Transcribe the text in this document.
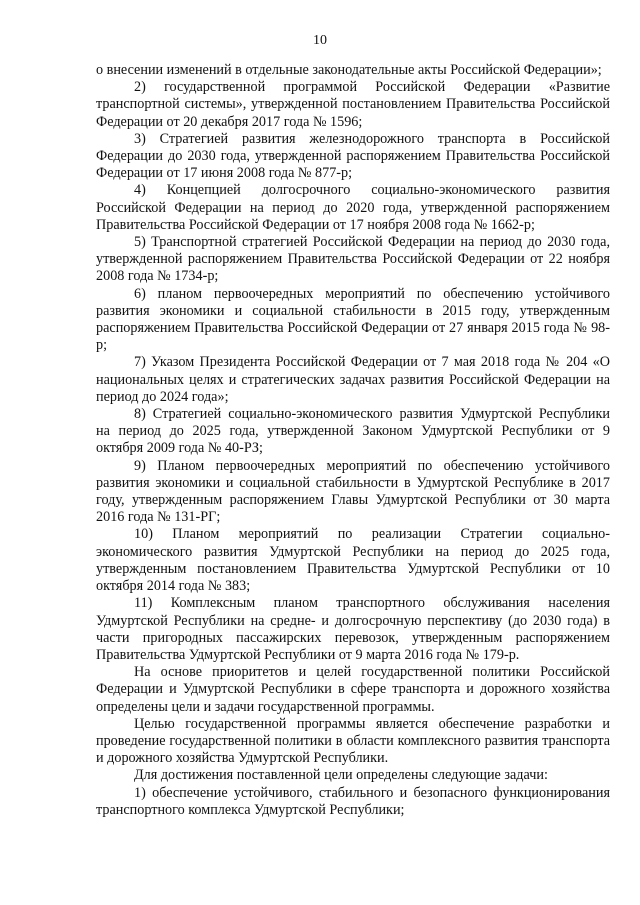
10

о внесении изменений в отдельные законодательные акты Российской Федерации»;

2) государственной программой Российской Федерации «Развитие транспортной системы», утвержденной постановлением Правительства Российской Федерации от 20 декабря 2017 года № 1596;

3) Стратегией развития железнодорожного транспорта в Российской Федерации до 2030 года, утвержденной распоряжением Правительства Российской Федерации от 17 июня 2008 года № 877-р;

4) Концепцией долгосрочного социально-экономического развития Российской Федерации на период до 2020 года, утвержденной распоряжением Правительства Российской Федерации от 17 ноября 2008 года № 1662-р;

5) Транспортной стратегией Российской Федерации на период до 2030 года, утвержденной распоряжением Правительства Российской Федерации от 22 ноября 2008 года № 1734-р;

6) планом первоочередных мероприятий по обеспечению устойчивого развития экономики и социальной стабильности в 2015 году, утвержденным распоряжением Правительства Российской Федерации от 27 января 2015 года № 98-р;

7) Указом Президента Российской Федерации от 7 мая 2018 года № 204 «О национальных целях и стратегических задачах развития Российской Федерации на период до 2024 года»;

8) Стратегией социально-экономического развития Удмуртской Республики на период до 2025 года, утвержденной Законом Удмуртской Республики от 9 октября 2009 года № 40-РЗ;

9) Планом первоочередных мероприятий по обеспечению устойчивого развития экономики и социальной стабильности в Удмуртской Республике в 2017 году, утвержденным распоряжением Главы Удмуртской Республики от 30 марта 2016 года № 131-РГ;

10) Планом мероприятий по реализации Стратегии социально-экономического развития Удмуртской Республики на период до 2025 года, утвержденным постановлением Правительства Удмуртской Республики от 10 октября 2014 года № 383;

11) Комплексным планом транспортного обслуживания населения Удмуртской Республики на средне- и долгосрочную перспективу (до 2030 года) в части пригородных пассажирских перевозок, утвержденным распоряжением Правительства Удмуртской Республики от 9 марта 2016 года № 179-р.

На основе приоритетов и целей государственной политики Российской Федерации и Удмуртской Республики в сфере транспорта и дорожного хозяйства определены цели и задачи государственной программы.

Целью государственной программы является обеспечение разработки и проведение государственной политики в области комплексного развития транспорта и дорожного хозяйства Удмуртской Республики.

Для достижения поставленной цели определены следующие задачи:

1) обеспечение устойчивого, стабильного и безопасного функционирования транспортного комплекса Удмуртской Республики;
